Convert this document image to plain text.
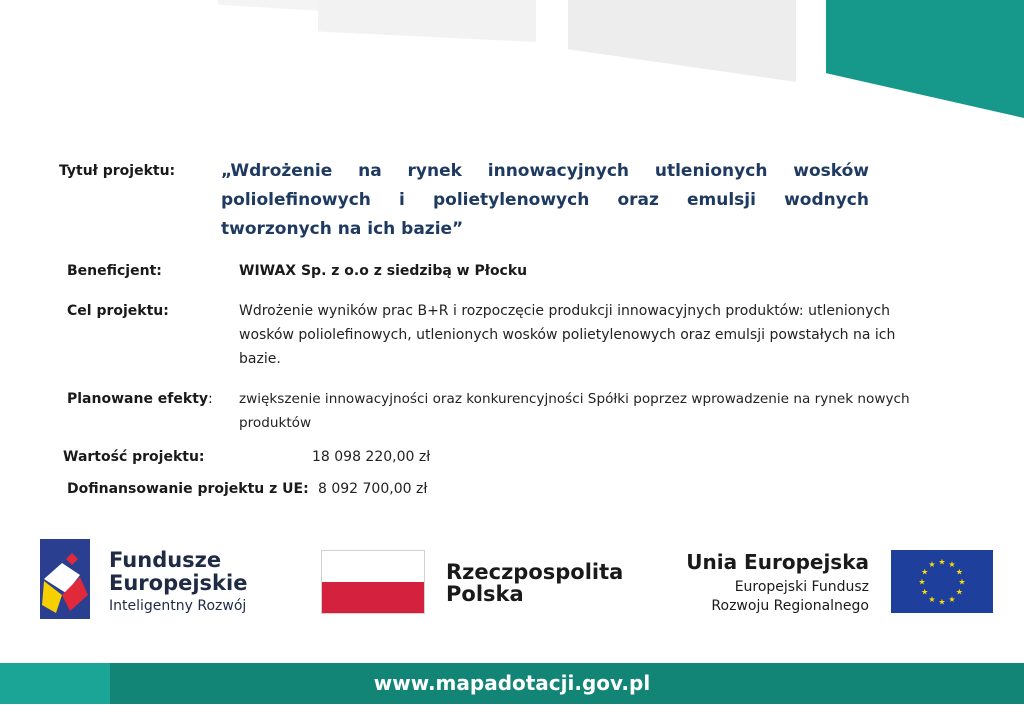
Tytuł projektu:	„Wdrożenie na rynek innowacyjnych utlenionych wosków poliolefinowych i polietylenowych oraz emulsji wodnych tworzonych na ich bazie”
Beneficjent:	WIWAX Sp. z o.o z siedzibą w Płocku
Cel projektu:	Wdrożenie wyników prac B+R i rozpoczęcie produkcji innowacyjnych produktów: utlenionych wosków poliolefinowych, utlenionych wosków polietylenowych oraz emulsji powstałych na ich bazie.
Planowane efekty: zwiększenie innowacyjności oraz konkurencyjności Spółki poprzez wprowadzenie na rynek nowych produktów
Wartość projektu:	18 098 220,00 zł
Dofinansowanie projektu z UE: 8 092 700,00 zł
Fundusze
Europejskie
Inteligentny Rozwój
Rzeczpospolita
Polska
Unia Europejska
Europejski Fundusz
Rozwoju Regionalnego
★ ★
★
★
★
★
★
★
★
★
★
★
www.mapadotacji.gov.pl
